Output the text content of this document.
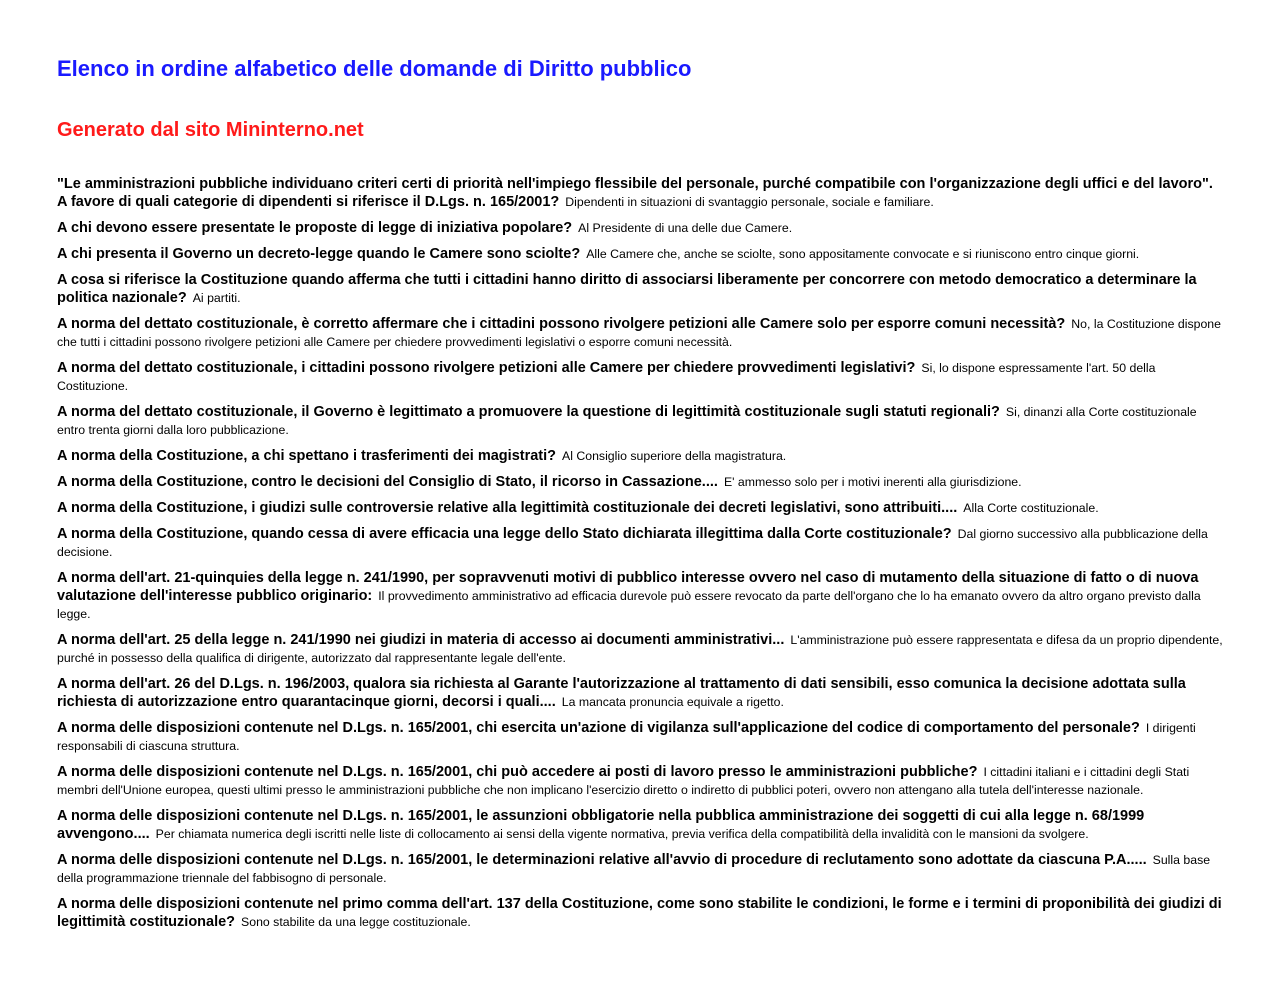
Elenco in ordine alfabetico delle domande di Diritto pubblico
Generato dal sito Mininterno.net

"Le amministrazioni pubbliche individuano criteri certi di priorità nell'impiego flessibile del personale, purché compatibile con l'organizzazione degli uffici e del lavoro". A favore di quali categorie di dipendenti si riferisce il D.Lgs. n. 165/2001? Dipendenti in situazioni di svantaggio personale, sociale e familiare.

A chi devono essere presentate le proposte di legge di iniziativa popolare? Al Presidente di una delle due Camere.

A chi presenta il Governo un decreto-legge quando le Camere sono sciolte? Alle Camere che, anche se sciolte, sono appositamente convocate e si riuniscono entro cinque giorni.

A cosa si riferisce la Costituzione quando afferma che tutti i cittadini hanno diritto di associarsi liberamente per concorrere con metodo democratico a determinare la politica nazionale? Ai partiti.

A norma del dettato costituzionale, è corretto affermare che i cittadini possono rivolgere petizioni alle Camere solo per esporre comuni necessità? No, la Costituzione dispone che tutti i cittadini possono rivolgere petizioni alle Camere per chiedere provvedimenti legislativi o esporre comuni necessità.

A norma del dettato costituzionale, i cittadini possono rivolgere petizioni alle Camere per chiedere provvedimenti legislativi? Si, lo dispone espressamente l'art. 50 della Costituzione.

A norma del dettato costituzionale, il Governo è legittimato a promuovere la questione di legittimità costituzionale sugli statuti regionali? Si, dinanzi alla Corte costituzionale entro trenta giorni dalla loro pubblicazione.

A norma della Costituzione, a chi spettano i trasferimenti dei magistrati? Al Consiglio superiore della magistratura.

A norma della Costituzione, contro le decisioni del Consiglio di Stato, il ricorso in Cassazione.... E' ammesso solo per i motivi inerenti alla giurisdizione.

A norma della Costituzione, i giudizi sulle controversie relative alla legittimità costituzionale dei decreti legislativi, sono attribuiti.... Alla Corte costituzionale.

A norma della Costituzione, quando cessa di avere efficacia una legge dello Stato dichiarata illegittima dalla Corte costituzionale? Dal giorno successivo alla pubblicazione della decisione.

A norma dell'art. 21-quinquies della legge n. 241/1990, per sopravvenuti motivi di pubblico interesse ovvero nel caso di mutamento della situazione di fatto o di nuova valutazione dell'interesse pubblico originario: Il provvedimento amministrativo ad efficacia durevole può essere revocato da parte dell'organo che lo ha emanato ovvero da altro organo previsto dalla legge.

A norma dell'art. 25 della legge n. 241/1990 nei giudizi in materia di accesso ai documenti amministrativi... L'amministrazione può essere rappresentata e difesa da un proprio dipendente, purché in possesso della qualifica di dirigente, autorizzato dal rappresentante legale dell'ente.

A norma dell'art. 26 del D.Lgs. n. 196/2003, qualora sia richiesta al Garante l'autorizzazione al trattamento di dati sensibili, esso comunica la decisione adottata sulla richiesta di autorizzazione entro quarantacinque giorni, decorsi i quali.... La mancata pronuncia equivale a rigetto.

A norma delle disposizioni contenute nel D.Lgs. n. 165/2001, chi esercita un'azione di vigilanza sull'applicazione del codice di comportamento del personale? I dirigenti responsabili di ciascuna struttura.

A norma delle disposizioni contenute nel D.Lgs. n. 165/2001, chi può accedere ai posti di lavoro presso le amministrazioni pubbliche? I cittadini italiani e i cittadini degli Stati membri dell'Unione europea, questi ultimi presso le amministrazioni pubbliche che non implicano l'esercizio diretto o indiretto di pubblici poteri, ovvero non attengano alla tutela dell'interesse nazionale.

A norma delle disposizioni contenute nel D.Lgs. n. 165/2001, le assunzioni obbligatorie nella pubblica amministrazione dei soggetti di cui alla legge n. 68/1999 avvengono.... Per chiamata numerica degli iscritti nelle liste di collocamento ai sensi della vigente normativa, previa verifica della compatibilità della invalidità con le mansioni da svolgere.

A norma delle disposizioni contenute nel D.Lgs. n. 165/2001, le determinazioni relative all'avvio di procedure di reclutamento sono adottate da ciascuna P.A..... Sulla base della programmazione triennale del fabbisogno di personale.

A norma delle disposizioni contenute nel primo comma dell'art. 137 della Costituzione, come sono stabilite le condizioni, le forme e i termini di proponibilità dei giudizi di legittimità costituzionale? Sono stabilite da una legge costituzionale.
